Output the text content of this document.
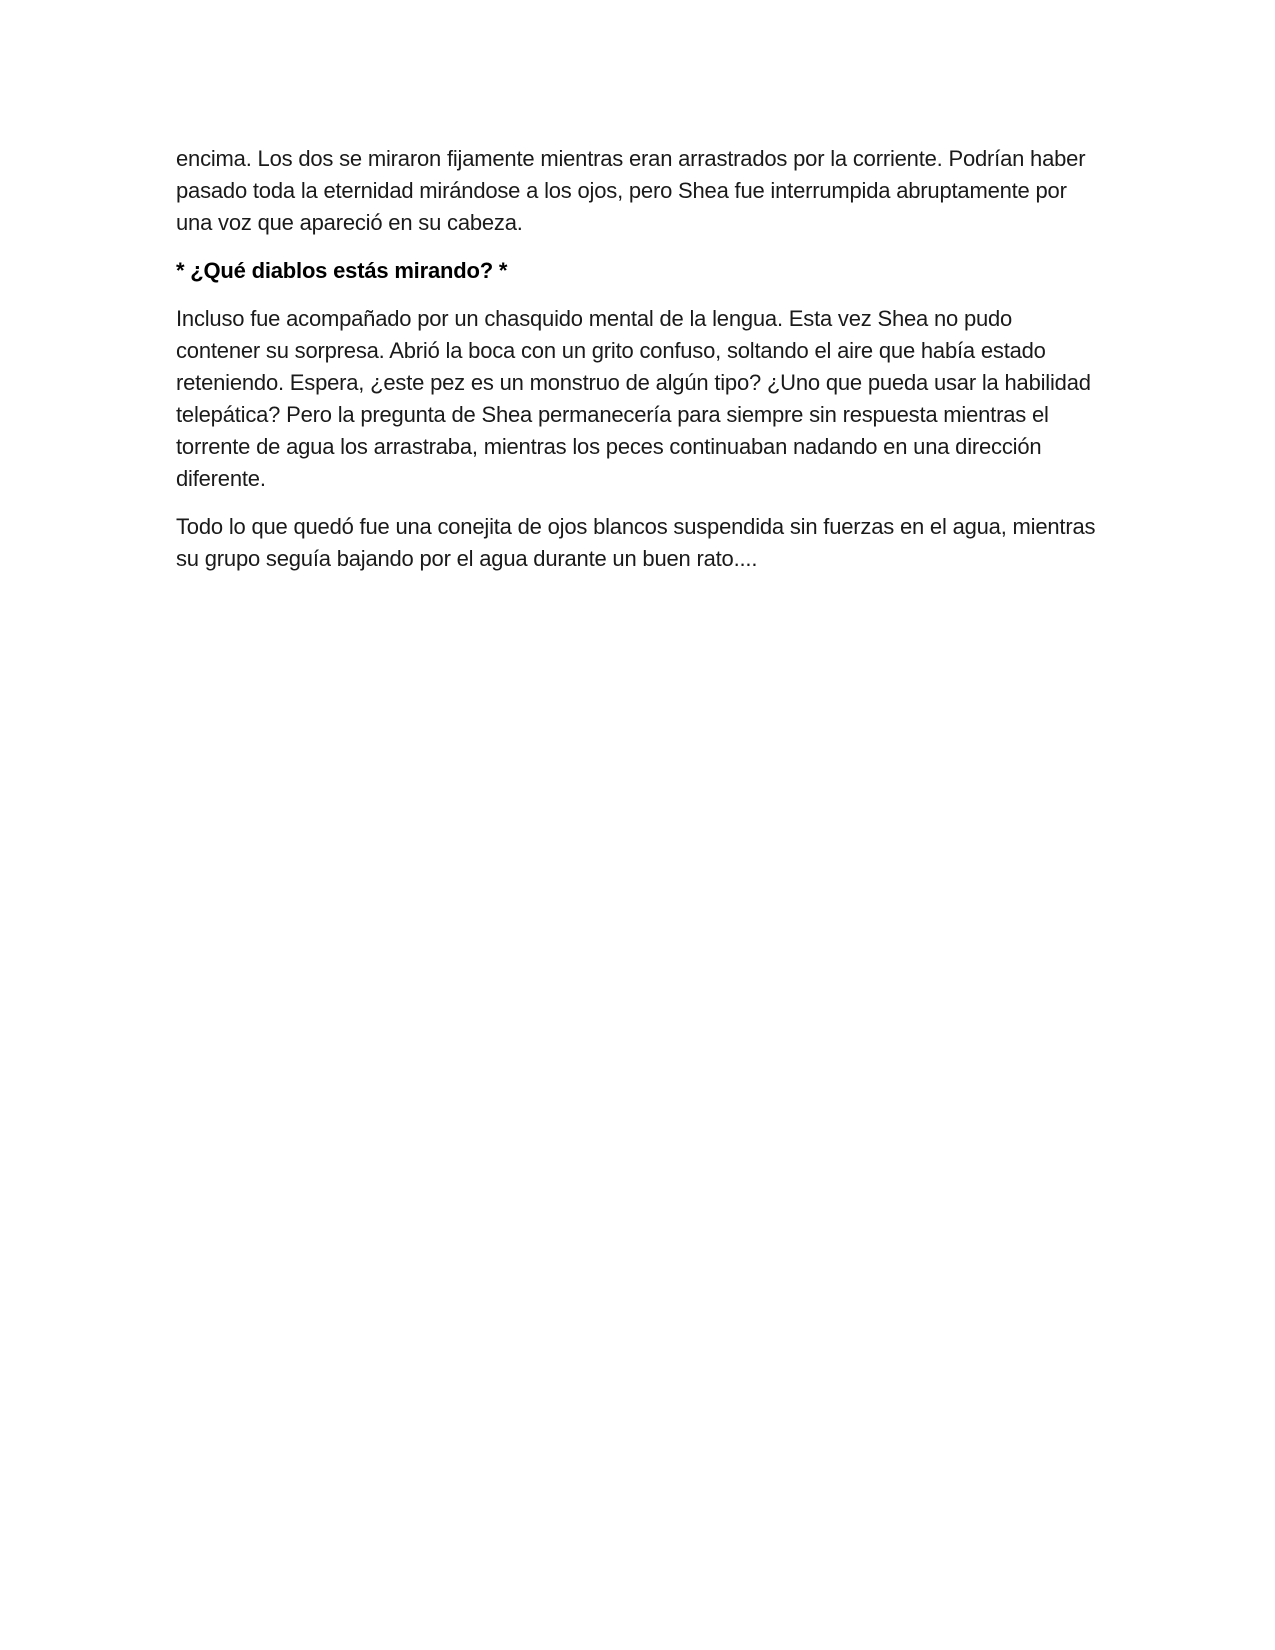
encima. Los dos se miraron fijamente mientras eran arrastrados por la corriente. Podrían haber pasado toda la eternidad mirándose a los ojos, pero Shea fue interrumpida abruptamente por una voz que apareció en su cabeza.

* ¿Qué diablos estás mirando? *

Incluso fue acompañado por un chasquido mental de la lengua. Esta vez Shea no pudo contener su sorpresa. Abrió la boca con un grito confuso, soltando el aire que había estado reteniendo. Espera, ¿este pez es un monstruo de algún tipo? ¿Uno que pueda usar la habilidad telepática? Pero la pregunta de Shea permanecería para siempre sin respuesta mientras el torrente de agua los arrastraba, mientras los peces continuaban nadando en una dirección diferente.

Todo lo que quedó fue una conejita de ojos blancos suspendida sin fuerzas en el agua, mientras su grupo seguía bajando por el agua durante un buen rato....
